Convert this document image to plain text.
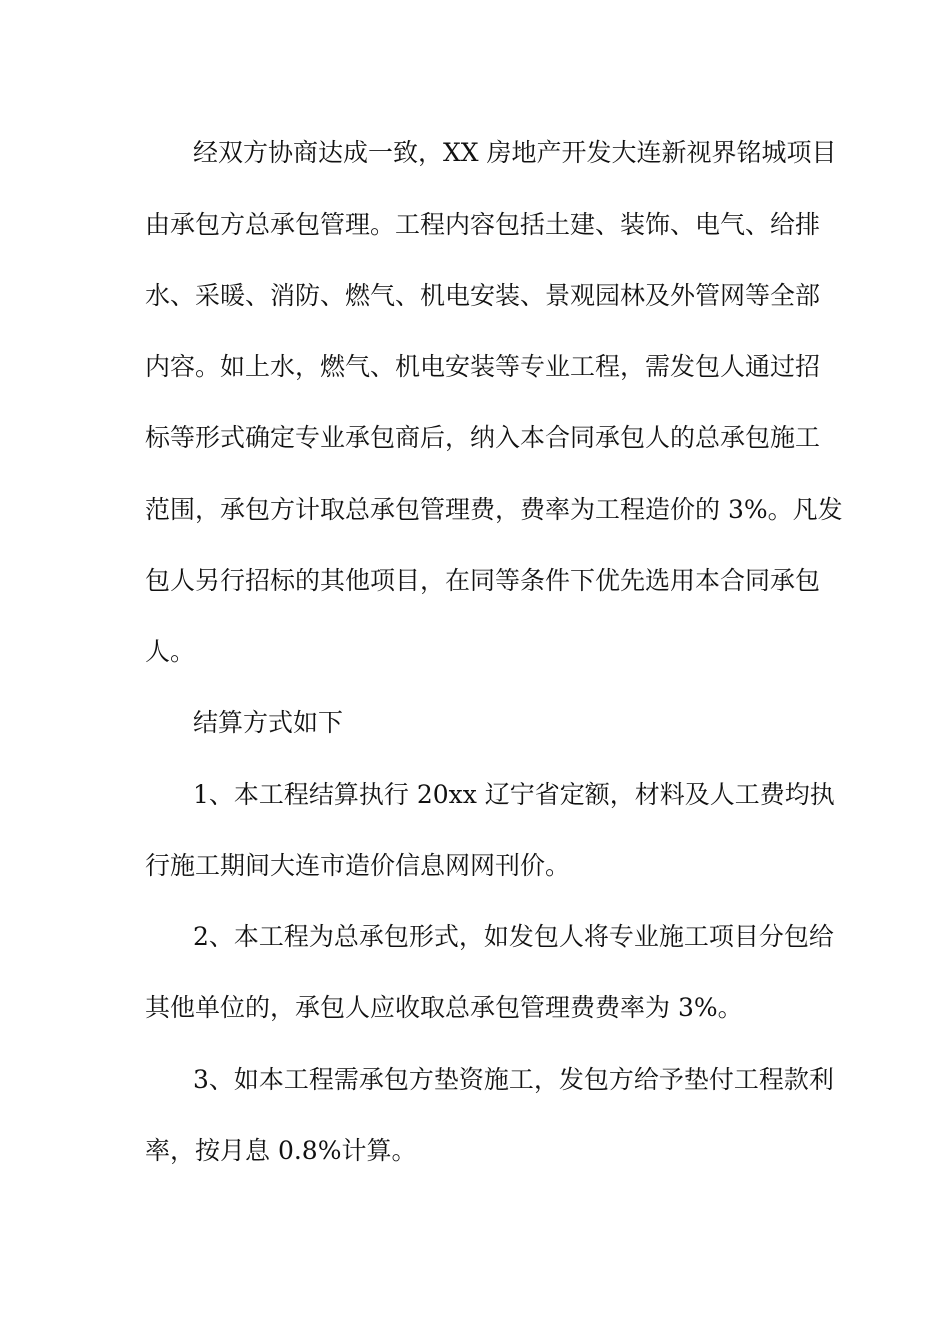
经双方协商达成一致，XX 房地产开发大连新视界铭城项目
由承包方总承包管理。工程内容包括土建、装饰、电气、给排
水、采暖、消防、燃气、机电安装、景观园林及外管网等全部
内容。如上水，燃气、机电安装等专业工程，需发包人通过招
标等形式确定专业承包商后，纳入本合同承包人的总承包施工
范围，承包方计取总承包管理费，费率为工程造价的 3%。凡发
包人另行招标的其他项目，在同等条件下优先选用本合同承包
人。
结算方式如下
1、本工程结算执行 20xx 辽宁省定额，材料及人工费均执
行施工期间大连市造价信息网网刊价。
2、本工程为总承包形式，如发包人将专业施工项目分包给
其他单位的，承包人应收取总承包管理费费率为 3%。
3、如本工程需承包方垫资施工，发包方给予垫付工程款利
率，按月息 0.8%计算。
